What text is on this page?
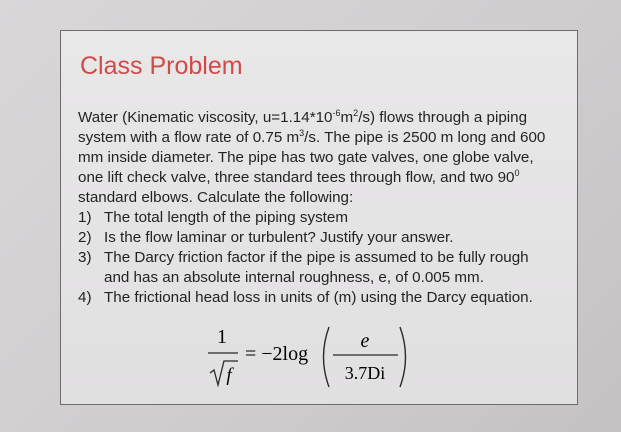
Class Problem

Water (Kinematic viscosity, $u=1.14*10^{-6}m^2/s$) flows through a piping system with a flow rate of 0.75 $m^3/s$. The pipe is 2500 m long and 600 mm inside diameter. The pipe has two gate valves, one globe valve, one lift check valve, three standard tees through flow, and two $90^0$ standard elbows. Calculate the following:

1) The total length of the piping system
2) Is the flow laminar or turbulent? Justify your answer.
3) The Darcy friction factor if the pipe is assumed to be fully rough and has an absolute internal roughness, e, of 0.005 mm.
4) The frictional head loss in units of (m) using the Darcy equation.
1
f
= −2log
e
3.7Di
